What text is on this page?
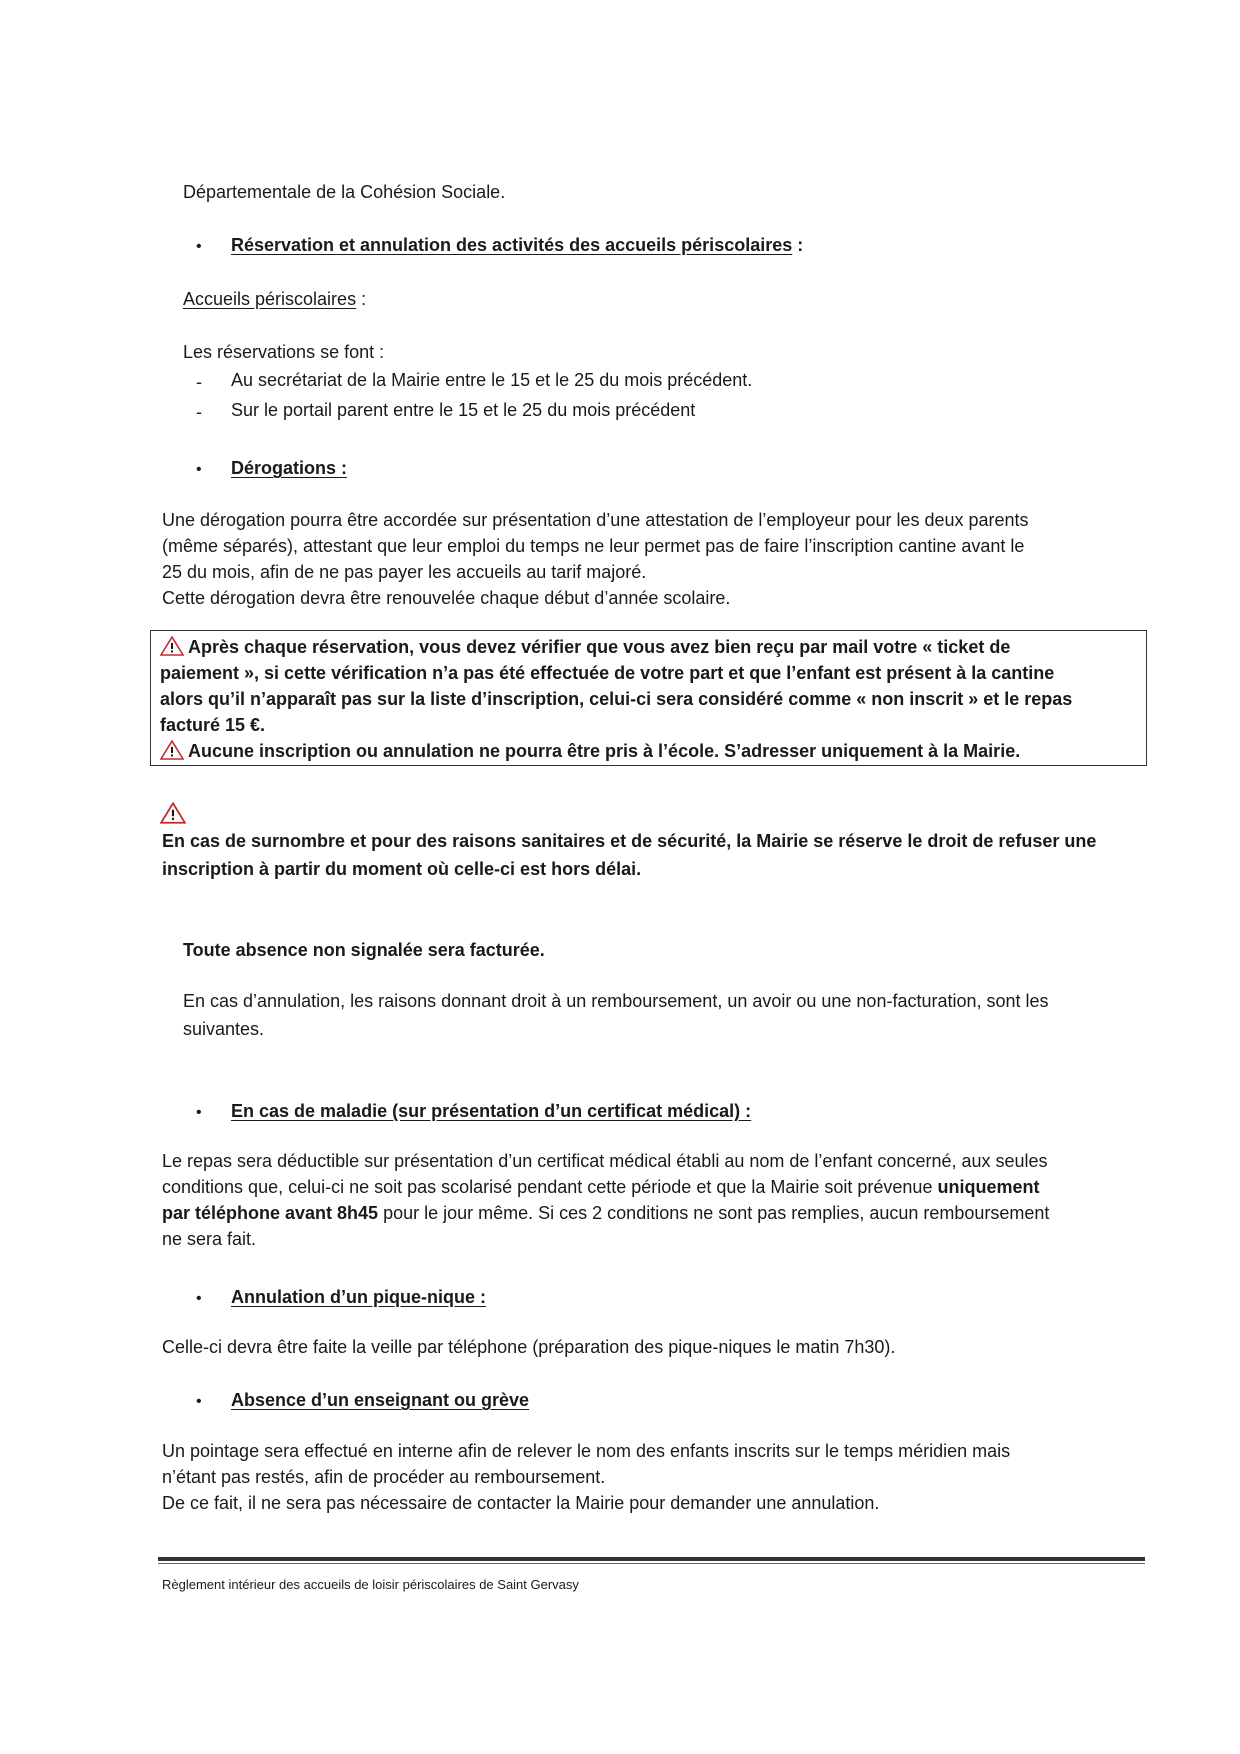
Départementale de la Cohésion Sociale.
• Réservation et annulation des activités des accueils périscolaires :
Accueils périscolaires :
Les réservations se font :
- Au secrétariat de la Mairie entre le 15 et le 25 du mois précédent.
- Sur le portail parent entre le 15 et le 25 du mois précédent
• Dérogations :
Une dérogation pourra être accordée sur présentation d’une attestation de l’employeur pour les deux parents
(même séparés), attestant que leur emploi du temps ne leur permet pas de faire l’inscription cantine avant le
25 du mois, afin de ne pas payer les accueils au tarif majoré.
Cette dérogation devra être renouvelée chaque début d’année scolaire.
Après chaque réservation, vous devez vérifier que vous avez bien reçu par mail votre « ticket de
paiement », si cette vérification n’a pas été effectuée de votre part et que l’enfant est présent à la cantine
alors qu’il n’apparaît pas sur la liste d’inscription, celui-ci sera considéré comme « non inscrit » et le repas
facturé 15 €.
Aucune inscription ou annulation ne pourra être pris à l’école. S’adresser uniquement à la Mairie.
En cas de surnombre et pour des raisons sanitaires et de sécurité, la Mairie se réserve le droit de refuser une
inscription à partir du moment où celle-ci est hors délai.
Toute absence non signalée sera facturée.
En cas d’annulation, les raisons donnant droit à un remboursement, un avoir ou une non-facturation, sont les
suivantes.
• En cas de maladie (sur présentation d’un certificat médical) :
Le repas sera déductible sur présentation d’un certificat médical établi au nom de l’enfant concerné, aux seules
conditions que, celui-ci ne soit pas scolarisé pendant cette période et que la Mairie soit prévenue uniquement
par téléphone avant 8h45 pour le jour même. Si ces 2 conditions ne sont pas remplies, aucun remboursement
ne sera fait.
• Annulation d’un pique-nique :
Celle-ci devra être faite la veille par téléphone (préparation des pique-niques le matin 7h30).
• Absence d’un enseignant ou grève
Un pointage sera effectué en interne afin de relever le nom des enfants inscrits sur le temps méridien mais
n’étant pas restés, afin de procéder au remboursement.
De ce fait, il ne sera pas nécessaire de contacter la Mairie pour demander une annulation.
Règlement intérieur des accueils de loisir périscolaires de Saint Gervasy
